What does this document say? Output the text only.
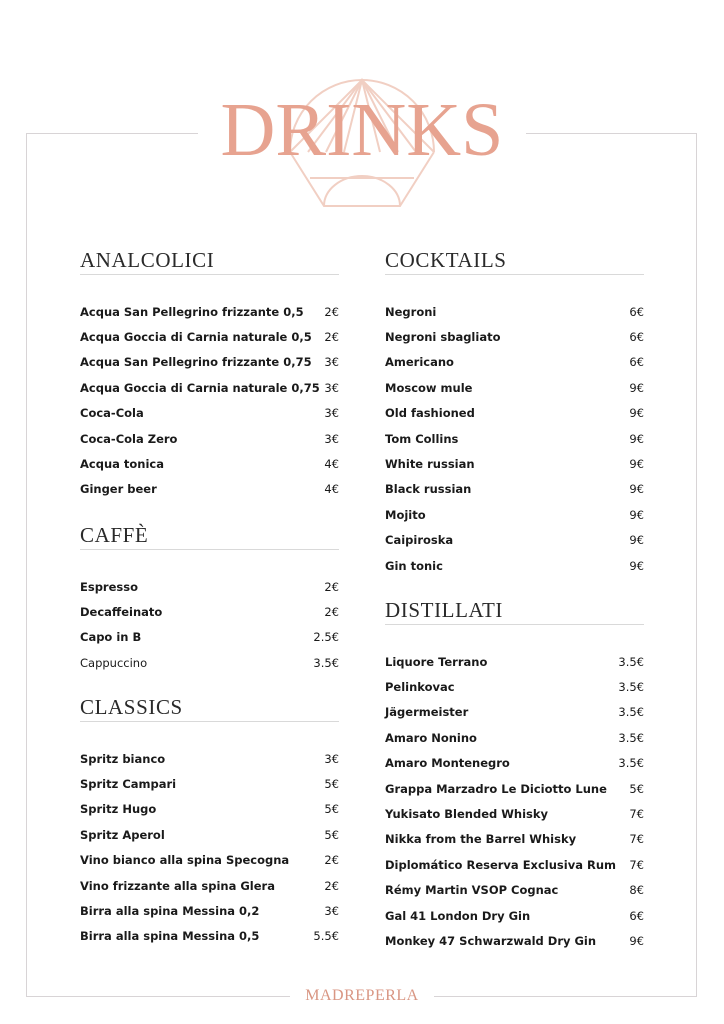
DRINKS
ANALCOLICI
Acqua San Pellegrino frizzante 0,5 2€
Acqua Goccia di Carnia naturale 0,5 2€
Acqua San Pellegrino frizzante 0,75 3€
Acqua Goccia di Carnia naturale 0,75 3€
Coca-Cola	3€
Coca-Cola Zero	3€
Acqua tonica	4€
Ginger beer	4€
CAFFÈ
Espresso	2€
Decaffeinato	2€
Capo in B	2.5€
Cappuccino	3.5€
CLASSICS
Spritz bianco	3€
Spritz Campari	5€
Spritz Hugo	5€
Spritz Aperol	5€
Vino bianco alla spina Specogna	2€
Vino frizzante alla spina Glera	2€
Birra alla spina Messina 0,2	3€
Birra alla spina Messina 0,5	5.5€
COCKTAILS
Negroni	6€
Negroni sbagliato	6€
Americano	6€
Moscow mule	9€
Old fashioned	9€
Tom Collins	9€
White russian	9€
Black russian	9€
Mojito	9€
Caipiroska	9€
Gin tonic	9€
DISTILLATI
Liquore Terrano	3.5€
Pelinkovac	3.5€
Jägermeister	3.5€
Amaro Nonino	3.5€
Amaro Montenegro	3.5€
Grappa Marzadro Le Diciotto Lune 5€
Yukisato Blended Whisky	7€
Nikka from the Barrel Whisky	7€
Diplomático Reserva Exclusiva Rum 7€
Rémy Martin VSOP Cognac	8€
Gal 41 London Dry Gin	6€
Monkey 47 Schwarzwald Dry Gin	9€
MADREPERLA
